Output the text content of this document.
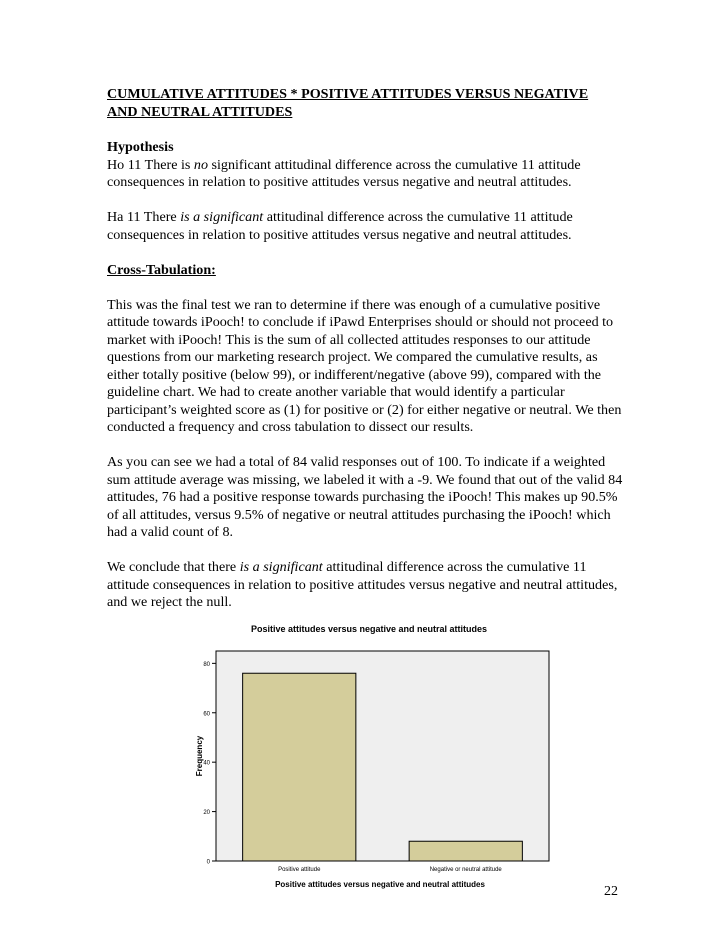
CUMULATIVE ATTITUDES * POSITIVE ATTITUDES VERSUS NEGATIVE
AND NEUTRAL ATTITUDES
Hypothesis

Ho 11 There is no significant attitudinal difference across the cumulative 11 attitude consequences in relation to positive attitudes versus negative and neutral attitudes.

Ha 11 There is a significant attitudinal difference across the cumulative 11 attitude consequences in relation to positive attitudes versus negative and neutral attitudes.

Cross-Tabulation:

This was the final test we ran to determine if there was enough of a cumulative positive attitude towards iPooch! to conclude if iPawd Enterprises should or should not proceed to market with iPooch! This is the sum of all collected attitudes responses to our attitude questions from our marketing research project. We compared the cumulative results, as either totally positive (below 99), or indifferent/negative (above 99), compared with the guideline chart. We had to create another variable that would identify a particular participant’s weighted score as (1) for positive or (2) for either negative or neutral. We then conducted a frequency and cross tabulation to dissect our results.

As you can see we had a total of 84 valid responses out of 100. To indicate if a weighted sum attitude average was missing, we labeled it with a -9. We found that out of the valid 84 attitudes, 76 had a positive response towards purchasing the iPooch! This makes up 90.5% of all attitudes, versus 9.5% of negative or neutral attitudes purchasing the iPooch! which had a valid count of 8.

We conclude that there is a significant attitudinal difference across the cumulative 11 attitude consequences in relation to positive attitudes versus negative and neutral attitudes, and we reject the null.

Positive attitudes versus negative and neutral attitudes
0
20
40
60
80
Positive attitude	Negative or neutral attitude
Frequency
Positive attitudes versus negative and neutral attitudes	22
